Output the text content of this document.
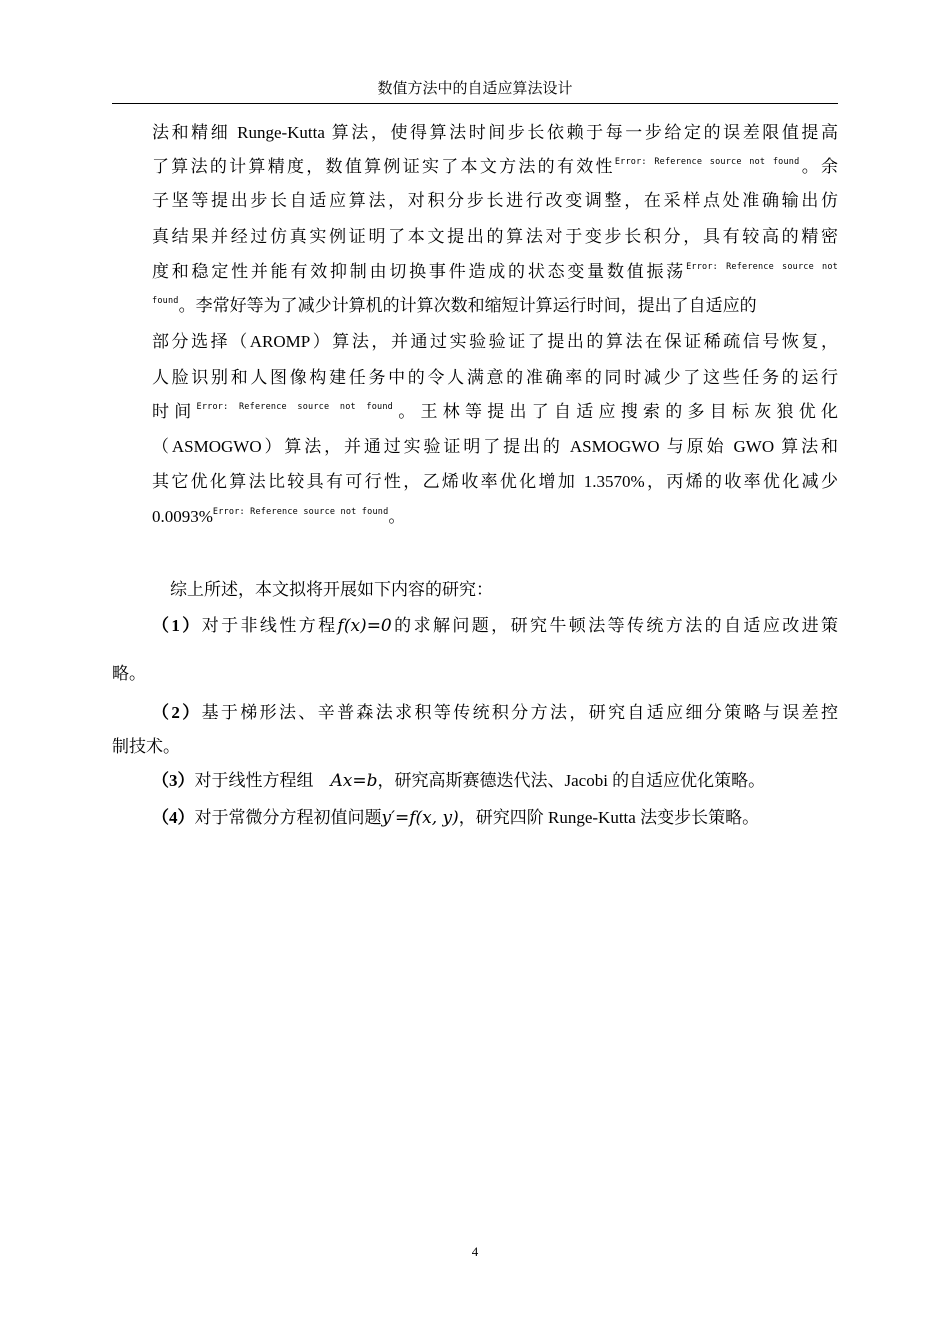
数值方法中的自适应算法设计
法和精细 Runge-Kutta 算法，使得算法时间步长依赖于每一步给定的误差限值提高
了算法的计算精度，数值算例证实了本文方法的有效性$^{Error: Reference source not found}$。余
子坚等提出步长自适应算法，对积分步长进行改变调整，在采样点处准确输出仿
真结果并经过仿真实例证明了本文提出的算法对于变步长积分，具有较高的精密
度和稳定性并能有效抑制由切换事件造成的状态变量数值振荡$^{Error: Reference source not}$
$^{found}$。李常好等为了减少计算机的计算次数和缩短计算运行时间，提出了自适应的
部分选择（AROMP）算法，并通过实验验证了提出的算法在保证稀疏信号恢复，
人脸识别和人图像构建任务中的令人满意的准确率的同时减少了这些任务的运行
时间$^{Error: Reference source not found}$。王林等提出了自适应搜索的多目标灰狼优化
（ASMOGWO）算法，并通过实验证明了提出的 ASMOGWO 与原始 GWO 算法和
其它优化算法比较具有可行性，乙烯收率优化增加 1.3570%，丙烯的收率优化减少
0.0093%$^{Error: Reference source not found}$。
综上所述，本文拟将开展如下内容的研究：
（1）对于非线性方程f(x)=0的求解问题，研究牛顿法等传统方法的自适应改进策
略。
（2）基于梯形法、辛普森法求积等传统积分方法，研究自适应细分策略与误差控
制技术。
（3）对于线性方程组　Ax=b，研究高斯赛德迭代法、Jacobi 的自适应优化策略。
（4）对于常微分方程初值问题y′=f(x, y)，研究四阶 Runge-Kutta 法变步长策略。
4
